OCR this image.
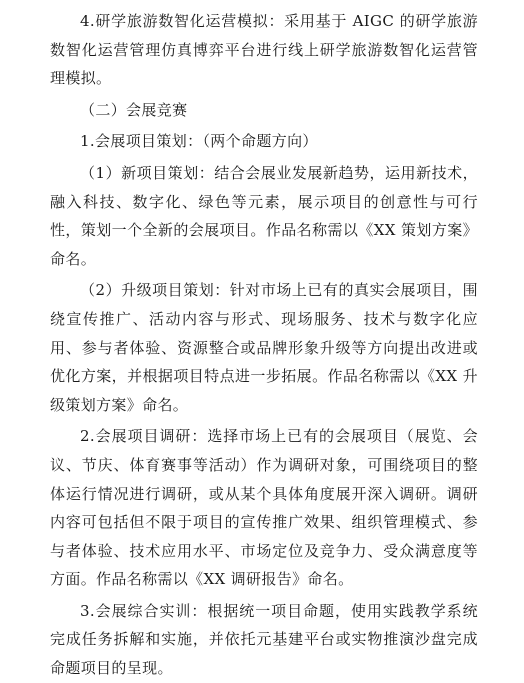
4.研学旅游数智化运营模拟：采用基于 AIGC 的研学旅游数智化运营管理仿真博弈平台进行线上研学旅游数智化运营管理模拟。

（二）会展竞赛

1.会展项目策划：（两个命题方向）

（1）新项目策划：结合会展业发展新趋势，运用新技术，融入科技、数字化、绿色等元素，展示项目的创意性与可行性，策划一个全新的会展项目。作品名称需以《XX 策划方案》命名。

（2）升级项目策划：针对市场上已有的真实会展项目，围绕宣传推广、活动内容与形式、现场服务、技术与数字化应用、参与者体验、资源整合或品牌形象升级等方向提出改进或优化方案，并根据项目特点进一步拓展。作品名称需以《XX 升级策划方案》命名。

2.会展项目调研：选择市场上已有的会展项目（展览、会议、节庆、体育赛事等活动）作为调研对象，可围绕项目的整体运行情况进行调研，或从某个具体角度展开深入调研。调研内容可包括但不限于项目的宣传推广效果、组织管理模式、参与者体验、技术应用水平、市场定位及竞争力、受众满意度等方面。作品名称需以《XX 调研报告》命名。

3.会展综合实训：根据统一项目命题，使用实践教学系统完成任务拆解和实施，并依托元基建平台或实物推演沙盘完成命题项目的呈现。
